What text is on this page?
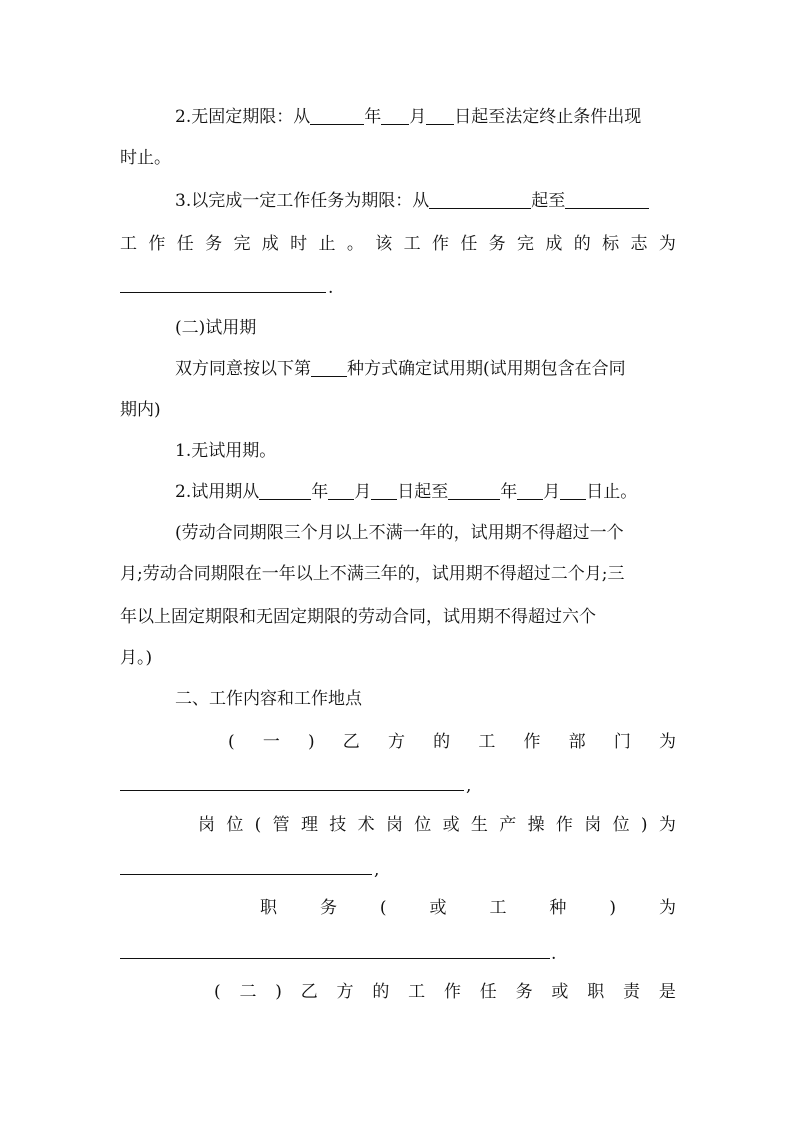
2.无固定期限：从	年 月 日起至法定终止条件出现
时止。
3.以完成一定工作任务为期限：从	起至
工 作 任 务 完 成 时 止 。 该 工 作 任 务 完 成 的 标 志 为
.
(二)试用期
双方同意按以下第 种方式确定试用期(试用期包含在合同
期内)
1.无试用期。
2.试用期从	年 月 日起至	年 月 日止。
(劳动合同期限三个月以上不满一年的，试用期不得超过一个
月;劳动合同期限在一年以上不满三年的，试用期不得超过二个月;三
年以上固定期限和无固定期限的劳动合同，试用期不得超过六个
月。)
二、工作内容和工作地点
( 一 ) 乙 方 的 工 作 部 门 为
,
岗 位 ( 管 理 技 术 岗 位 或 生 产 操 作 岗 位 ) 为
,
职	务	(	或	工	种	)	为
.
( 二 ) 乙 方 的 工 作 任 务 或 职 责 是
